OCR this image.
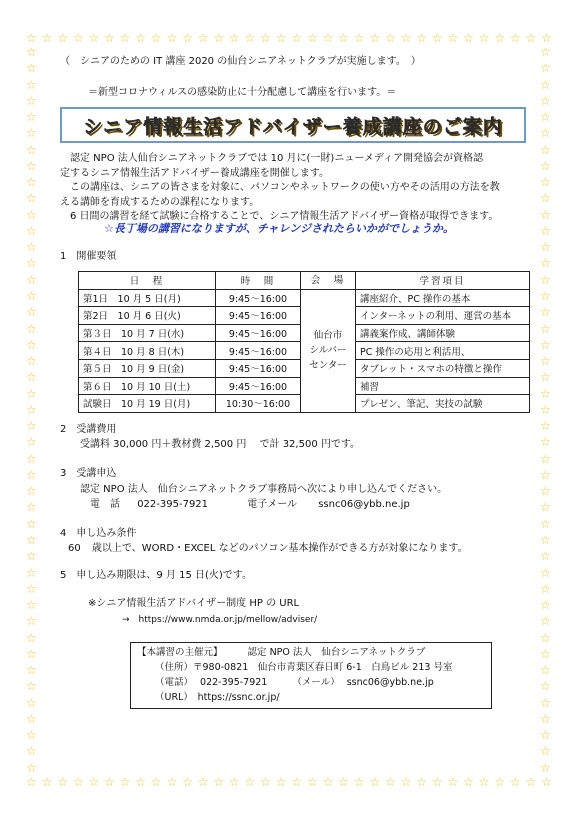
☆ ☆ ☆ ☆ ☆ ☆ ☆ ☆ ☆ ☆ ☆ ☆ ☆ ☆ ☆ ☆ ☆ ☆ ☆ ☆ ☆ ☆ ☆ ☆ ☆ ☆ ☆ ☆ ☆ ☆ ☆ ☆ ☆ ☆
☆ ☆ ☆ ☆ ☆ ☆ ☆ ☆ ☆ ☆ ☆ ☆ ☆ ☆ ☆ ☆ ☆ ☆ ☆ ☆ ☆ ☆ ☆ ☆ ☆ ☆ ☆ ☆ ☆ ☆ ☆ ☆ ☆ ☆
☆
☆
☆
☆
☆
☆
☆
☆
☆
☆
☆
☆
☆
☆
☆
☆
☆
☆
☆
☆
☆
☆
☆
☆
☆
☆
☆
☆
☆
☆
☆
☆
☆
☆
☆
☆
☆
☆
☆
☆
☆
☆
☆
☆
☆
☆
☆
☆
☆
☆
☆
☆
☆
☆
☆
☆
☆
☆
☆
☆
☆
☆
☆
☆
☆
☆
☆
☆
☆
☆
☆
☆
☆
☆
☆
☆
☆
☆
☆
☆
☆
☆
☆
☆
☆
☆
☆
☆
☆
☆
（　シニアのための IT 講座 2020 の仙台シニアネットクラブが実施します。　）
＝新型コロナウィルスの感染防止に十分配慮して講座を行います。＝
シニア情報生活アドバイザー養成講座のご案内

認定 NPO 法人仙台シニアネットクラブでは 10 月に(一財)ニューメディア開発協会が資格認

定するシニア情報生活アドバイザー養成講座を開催します。

この講座は、シニアの皆さまを対象に、パソコンやネットワークの使い方やその活用の方法を教

える講師を育成するための課程になります。

6 日間の講習を経て試験に合格することで、シニア情報生活アドバイザー資格が取得できます。

☆長丁場の講習になりますが、チャレンジされたらいかがでしょうか。
1　開催要領
日　程	時　間	会　場	学習項目
第1日　10 月 5 日(月)	9:45～16:00	仙台市
シルバー
センター	講座紹介、PC 操作の基本
第2日　10 月 6 日(火)	9:45～16:00		インターネットの利用、運営の基本
第３日　10 月 7 日(水)	9:45～16:00		講義案作成、講師体験
第４日　10 月 8 日(木)	9:45～16:00		PC 操作の応用と利活用、
第５日　10 月 9 日(金)	9:45～16:00		タブレット・スマホの特徴と操作
第６日　10 月 10 日(土)	9:45～16:00		補習
試験日　10 月 19 日(月)	10:30～16:00		プレゼン、筆記、実技の試験
2　受講費用
受講料 30,000 円＋教材費 2,500 円　 で計 32,500 円です。
3　受講申込
認定 NPO 法人　仙台シニアネットクラブ事務局へ次により申し込んでください。
電　話 022-395-7921	電子メール ssnc06@ybb.ne.jp
4　申し込み条件
60 歳以上で、WORD・EXCEL などのパソコン基本操作ができる方が対象になります。
5　申し込み期限は、9 月 15 日(火)です。
※シニア情報生活アドバイザー制度 HP の URL
→　https://www.nmda.or.jp/mellow/adviser/
【本講習の主催元】	認定 NPO 法人　仙台シニアネットクラブ
（住所）〒980-0821　仙台市青葉区春日町 6-1　白鳥ビル 213 号室
（電話） 022-395-7921	（メール） ssnc06@ybb.ne.jp
（URL）　https://ssnc.or.jp/
